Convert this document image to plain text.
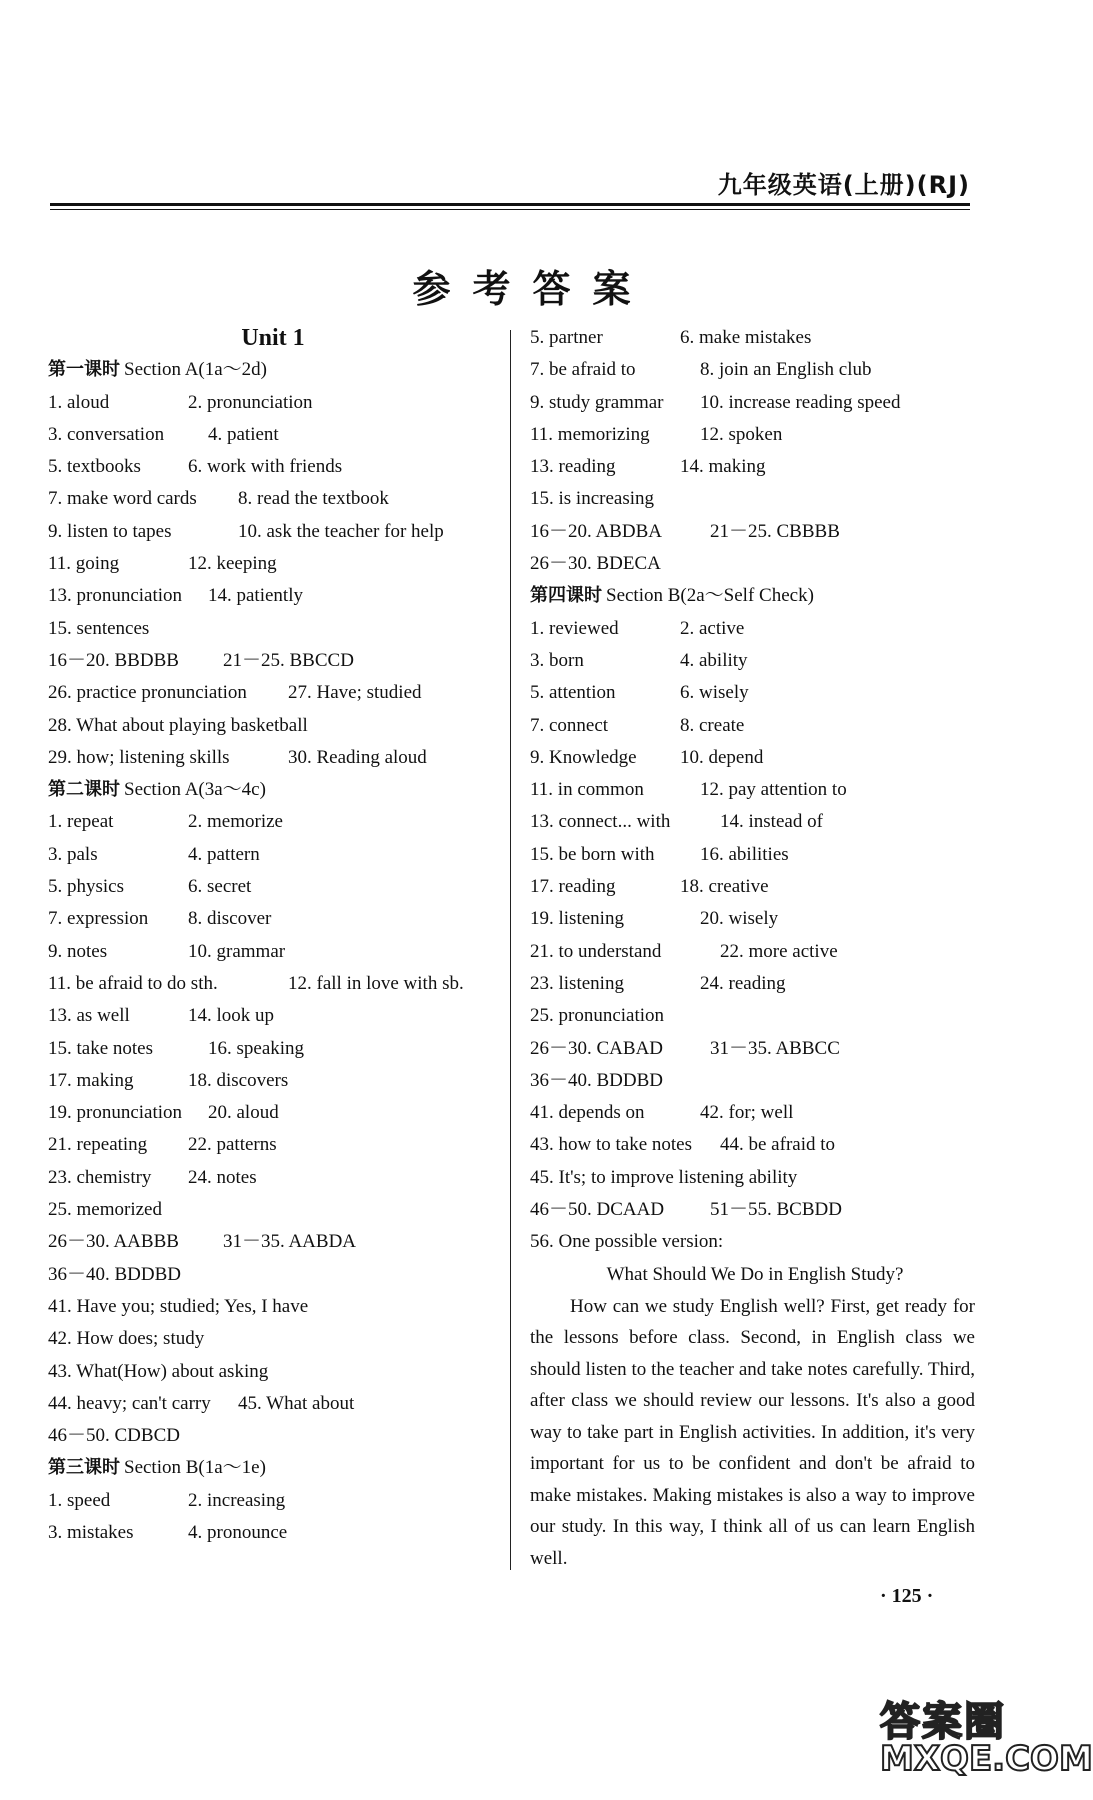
九年级英语(上册)(RJ)
参考答案
Unit 1
第一课时 Section A(1a～2d)
1. aloud	2. pronunciation
3. conversation 4. patient
5. textbooks 6. work with friends
7. make word cards 8. read the textbook
9. listen to tapes	10. ask the teacher for help
11. going	12. keeping
13. pronunciation 14. patiently
15. sentences
16－20. BBDBB 21－25. BBCCD
26. practice pronunciation 27. Have; studied
28. What about playing basketball
29. how; listening skills	30. Reading aloud
第二课时 Section A(3a～4c)
1. repeat	2. memorize
3. pals	4. pattern
5. physics	6. secret
7. expression 8. discover
9. notes	10. grammar
11. be afraid to do sth.	12. fall in love with sb.
13. as well	14. look up
15. take notes	16. speaking
17. making	18. discovers
19. pronunciation 20. aloud
21. repeating 22. patterns
23. chemistry 24. notes
25. memorized
26－30. AABBB 31－35. AABDA
36－40. BDDBD
41. Have you; studied; Yes, I have
42. How does; study
43. What(How) about asking
44. heavy; can't carry 45. What about
46－50. CDBCD
第三课时 Section B(1a～1e)
1. speed	2. increasing
3. mistakes	4. pronounce
5. partner	6. make mistakes
7. be afraid to	8. join an English club
9. study grammar 10. increase reading speed
11. memorizing	12. spoken
13. reading	14. making
15. is increasing
16－20. ABDBA	21－25. CBBBB
26－30. BDECA
第四课时 Section B(2a～Self Check)
1. reviewed	2. active
3. born	4. ability
5. attention	6. wisely
7. connect	8. create
9. Knowledge 10. depend
11. in common	12. pay attention to
13. connect... with	14. instead of
15. be born with 16. abilities
17. reading	18. creative
19. listening	20. wisely
21. to understand	22. more active
23. listening	24. reading
25. pronunciation
26－30. CABAD 31－35. ABBCC
36－40. BDDBD
41. depends on	42. for; well
43. how to take notes 44. be afraid to
45. It's; to improve listening ability
46－50. DCAAD 51－55. BCBDD
56. One possible version:
What Should We Do in English Study?
How can we study English well? First, get ready for the lessons before class. Second, in English class we should listen to the teacher and take notes carefully. Third, after class we should review our lessons. It's also a good way to take part in English activities. In addition, it's very important for us to be confident and don't be afraid to make mistakes. Making mistakes is also a way to improve our study. In this way, I think all of us can learn English well.
· 125 ·
答案圈
MXQE.COM
